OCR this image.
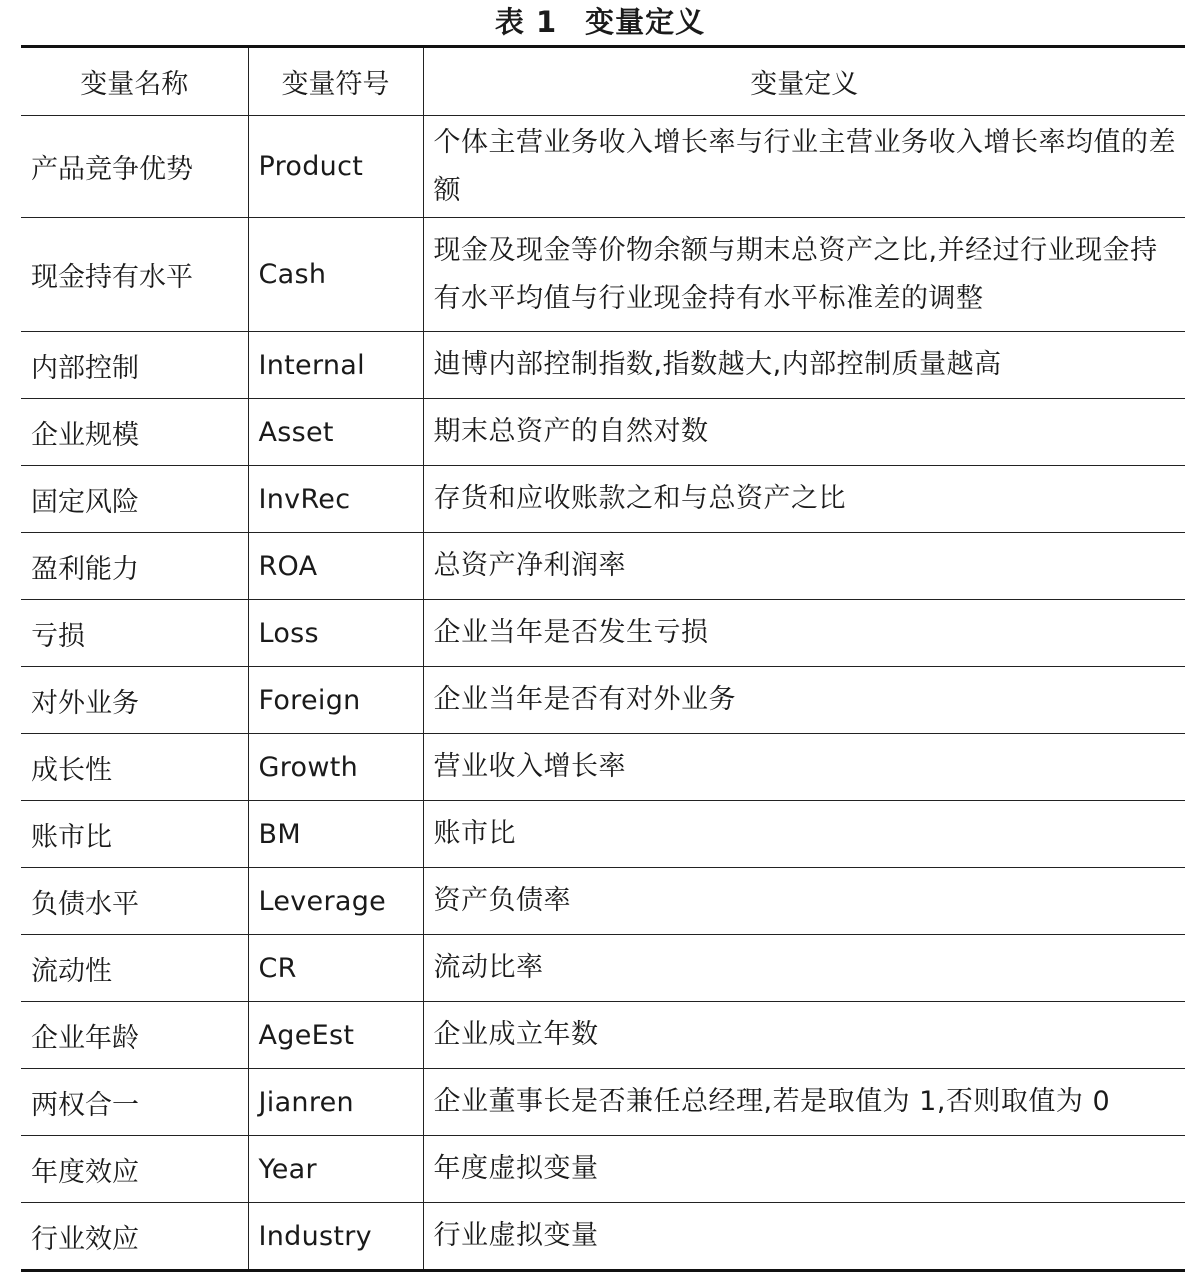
表 1 变量定义
变量名称	变量符号	变量定义
产品竞争优势	Product	个体主营业务收入增长率与行业主营业务收入增长率均值的差额
现金持有水平	Cash	现金及现金等价物余额与期末总资产之比,并经过行业现金持有水平均值与行业现金持有水平标准差的调整
内部控制	Internal	迪博内部控制指数,指数越大,内部控制质量越高
企业规模	Asset	期末总资产的自然对数
固定风险	InvRec	存货和应收账款之和与总资产之比
盈利能力	ROA	总资产净利润率
亏损	Loss	企业当年是否发生亏损
对外业务	Foreign	企业当年是否有对外业务
成长性	Growth	营业收入增长率
账市比	BM	账市比
负债水平	Leverage	资产负债率
流动性	CR	流动比率
企业年龄	AgeEst	企业成立年数
两权合一	Jianren	企业董事长是否兼任总经理,若是取值为 1,否则取值为 0
年度效应	Year	年度虚拟变量
行业效应	Industry	行业虚拟变量
